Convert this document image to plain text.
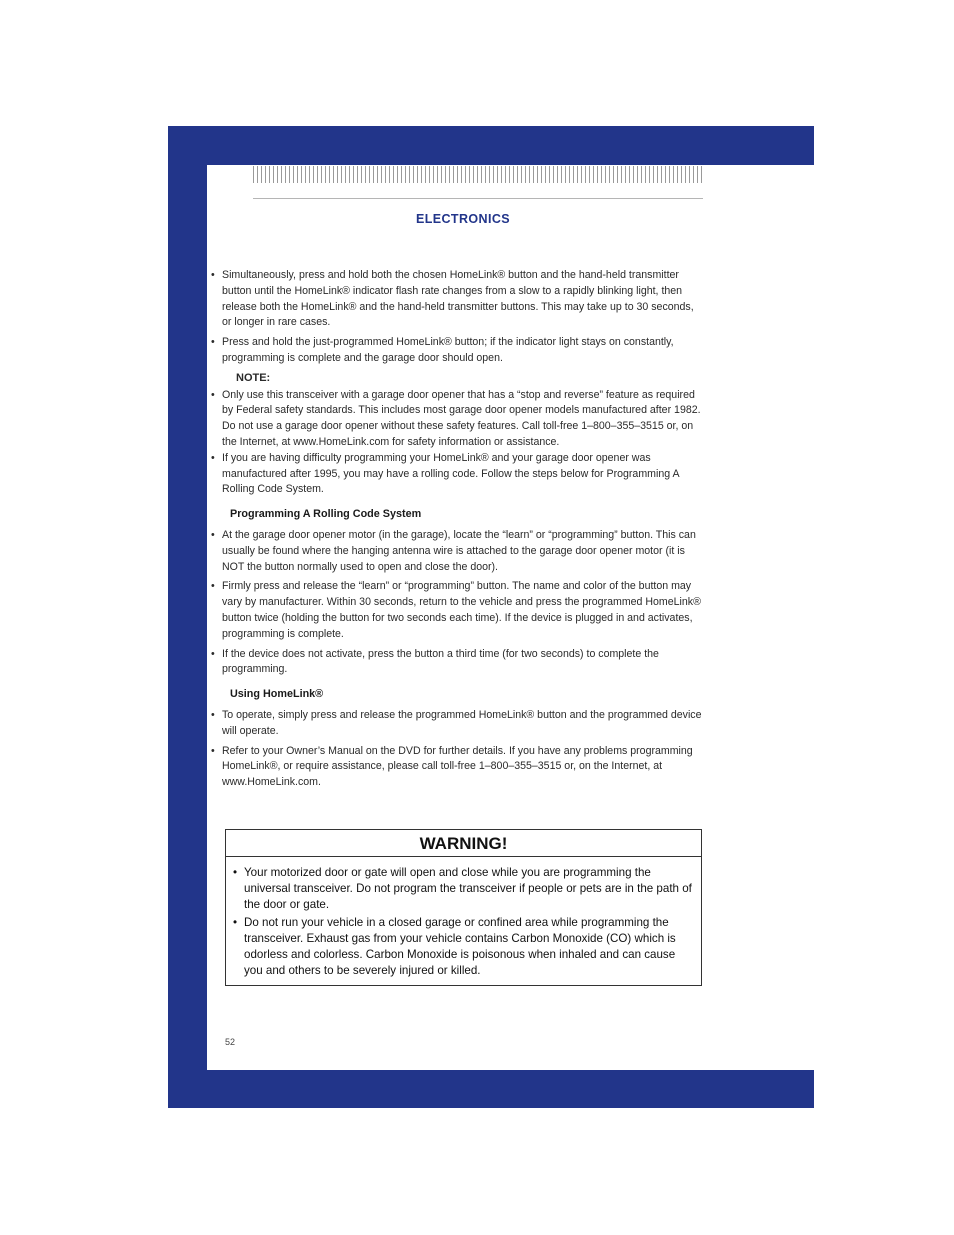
ELECTRONICS
• Simultaneously, press and hold both the chosen HomeLink® button and the hand-held transmitter button until the HomeLink® indicator flash rate changes from a slow to a rapidly blinking light, then release both the HomeLink® and the hand-held transmitter buttons. This may take up to 30 seconds, or longer in rare cases.
• Press and hold the just-programmed HomeLink® button; if the indicator light stays on constantly, programming is complete and the garage door should open.
NOTE:
• Only use this transceiver with a garage door opener that has a “stop and reverse” feature as required by Federal safety standards. This includes most garage door opener models manufactured after 1982. Do not use a garage door opener without these safety features. Call toll-free 1–800–355–3515 or, on the Internet, at www.HomeLink.com for safety information or assistance.
• If you are having difficulty programming your HomeLink® and your garage door opener was manufactured after 1995, you may have a rolling code. Follow the steps below for Programming A Rolling Code System.
Programming A Rolling Code System
• At the garage door opener motor (in the garage), locate the “learn” or “programming” button. This can usually be found where the hanging antenna wire is attached to the garage door opener motor (it is NOT the button normally used to open and close the door).
• Firmly press and release the “learn” or “programming” button. The name and color of the button may vary by manufacturer. Within 30 seconds, return to the vehicle and press the programmed HomeLink® button twice (holding the button for two seconds each time). If the device is plugged in and activates, programming is complete.
• If the device does not activate, press the button a third time (for two seconds) to complete the programming.
Using HomeLink®
• To operate, simply press and release the programmed HomeLink® button and the programmed device will operate.
• Refer to your Owner’s Manual on the DVD for further details. If you have any problems programming HomeLink®, or require assistance, please call toll-free 1–800–355–3515 or, on the Internet, at www.HomeLink.com.
WARNING!
• Your motorized door or gate will open and close while you are programming the universal transceiver. Do not program the transceiver if people or pets are in the path of the door or gate.
• Do not run your vehicle in a closed garage or confined area while programming the transceiver. Exhaust gas from your vehicle contains Carbon Monoxide (CO) which is odorless and colorless. Carbon Monoxide is poisonous when inhaled and can cause you and others to be severely injured or killed.
52
